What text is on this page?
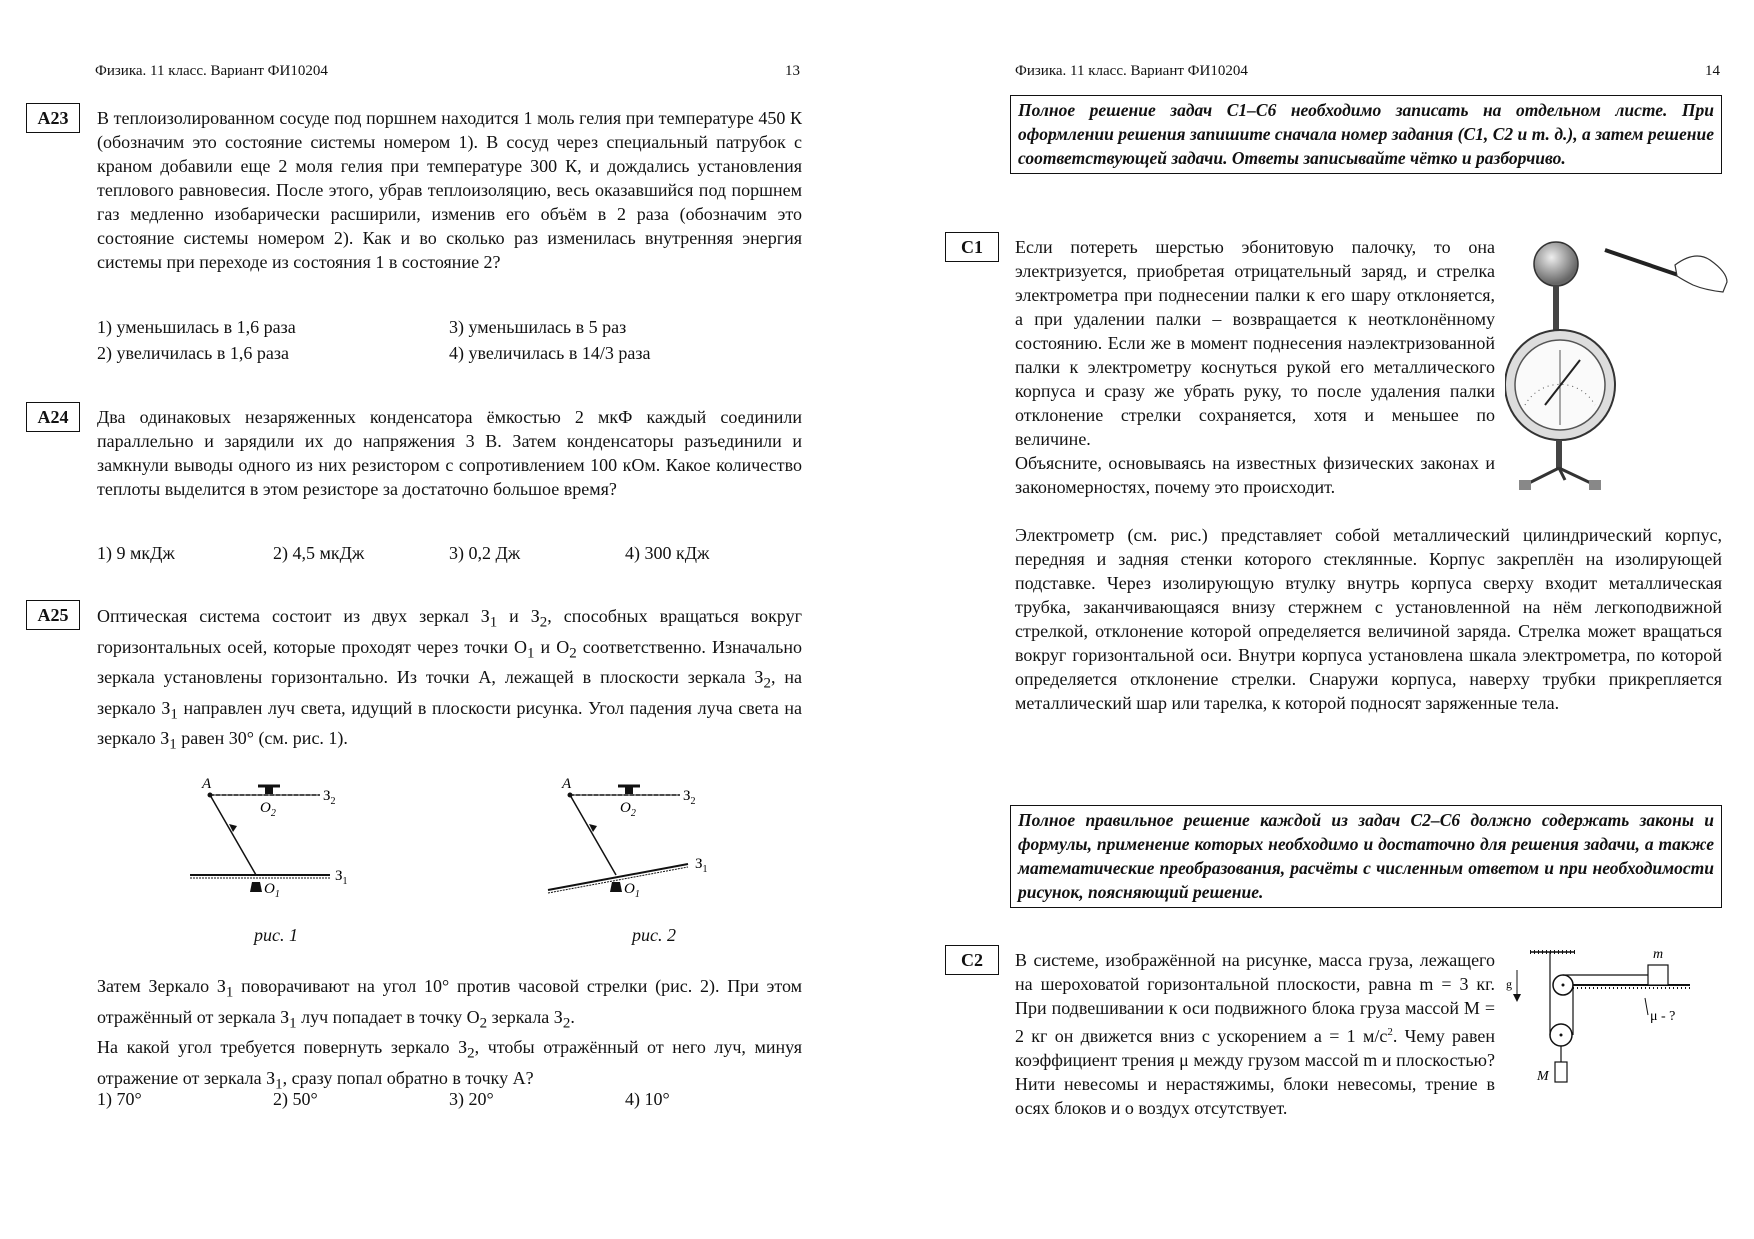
Физика. 11 класс. Вариант ФИ10204	13
A23	В теплоизолированном сосуде под поршнем находится 1 моль гелия при температуре 450 К (обозначим это состояние системы номером 1). В сосуд через специальный патрубок с краном добавили еще 2 моля гелия при температуре 300 К, и дождались установления теплового равновесия. После этого, убрав теплоизоляцию, весь оказавшийся под поршнем газ медленно изобарически расширили, изменив его объём в 2 раза (обозначим это состояние системы номером 2). Как и во сколько раз изменилась внутренняя энергия системы при переходе из состояния 1 в состояние 2?
1) уменьшилась в 1,6 раза	3) уменьшилась в 5 раз
2) увеличилась в 1,6 раза	4) увеличилась в 14/3 раза
A24	Два одинаковых незаряженных конденсатора ёмкостью 2 мкФ каждый соединили параллельно и зарядили их до напряжения 3 В. Затем конденсаторы разъединили и замкнули выводы одного из них резистором с сопротивлением 100 кОм. Какое количество теплоты выделится в этом резисторе за достаточно большое время?
1) 9 мкДж	2) 4,5 мкДж	3) 0,2 Дж	4) 300 кДж
A25	Оптическая система состоит из двух зеркал $З_1$ и $З_2$, способных вращаться вокруг горизонтальных осей, которые проходят через точки $O_1$ и $O_2$ соответственно. Изначально зеркала установлены горизонтально. Из точки A, лежащей в плоскости зеркала $З_2$, на зеркало $З_1$ направлен луч света, идущий в плоскости рисунка. Угол падения луча света на зеркало $З_1$ равен 30° (см. рис. 1).
A
$O_2$
$З_2$
$O_1$
$З_1$
рис. 1
A
$O_2$
$З_2$
$O_1$
$З_1$
рис. 2
Затем Зеркало $З_1$ поворачивают на угол 10° против часовой стрелки (рис. 2). При этом отражённый от зеркала $З_1$ луч попадает в точку $O_2$ зеркала $З_2$.
На какой угол требуется повернуть зеркало $З_2$, чтобы отражённый от него луч, минуя отражение от зеркала $З_1$, сразу попал обратно в точку A?
1) 70°	2) 50°	3) 20°	4) 10°
Физика. 11 класс. Вариант ФИ10204	14
Полное решение задач С1–С6 необходимо записать на отдельном листе. При оформлении решения запишите сначала номер задания (С1, С2 и т. д.), а затем решение соответствующей задачи. Ответы записывайте чётко и разборчиво.
C1	Если потереть шерстью эбонитовую палочку, то она электризуется, приобретая отрицательный заряд, и стрелка электрометра при поднесении палки к его шару отклоняется, а при удалении палки – возвращается к неотклонённому состоянию. Если же в момент поднесения наэлектризованной палки к электрометру коснуться рукой его металлического корпуса и сразу же убрать руку, то после удаления палки отклонение стрелки сохраняется, хотя и меньшее по величине.
Объясните, основываясь на известных физических законах и закономерностях, почему это происходит.
Электрометр (см. рис.) представляет собой металлический цилиндрический корпус, передняя и задняя стенки которого стеклянные. Корпус закреплён на изолирующей подставке. Через изолирующую втулку внутрь корпуса сверху входит металлическая трубка, заканчивающаяся внизу стержнем с установленной на нём легкоподвижной стрелкой, отклонение которой определяется величиной заряда. Стрелка может вращаться вокруг горизонтальной оси. Внутри корпуса установлена шкала электрометра, по которой определяется отклонение стрелки. Снаружи корпуса, наверху трубки прикрепляется металлический шар или тарелка, к которой подносят заряженные тела.
Полное правильное решение каждой из задач С2–С6 должно содержать законы и формулы, применение которых необходимо и достаточно для решения задачи, а также математические преобразования, расчёты с численным ответом и при необходимости рисунок, поясняющий решение.
C2	В системе, изображённой на рисунке, масса груза, лежащего на шероховатой горизонтальной плоскости, равна m = 3 кг. При подвешивании к оси подвижного блока груза массой M = 2 кг он движется вниз с ускорением a = 1 $м/с^2$. Чему равен коэффициент трения μ между грузом массой m и плоскостью? Нити невесомы и нерастяжимы, блоки невесомы, трение в осях блоков и о воздух отсутствует.
g
m
M
μ - ?
